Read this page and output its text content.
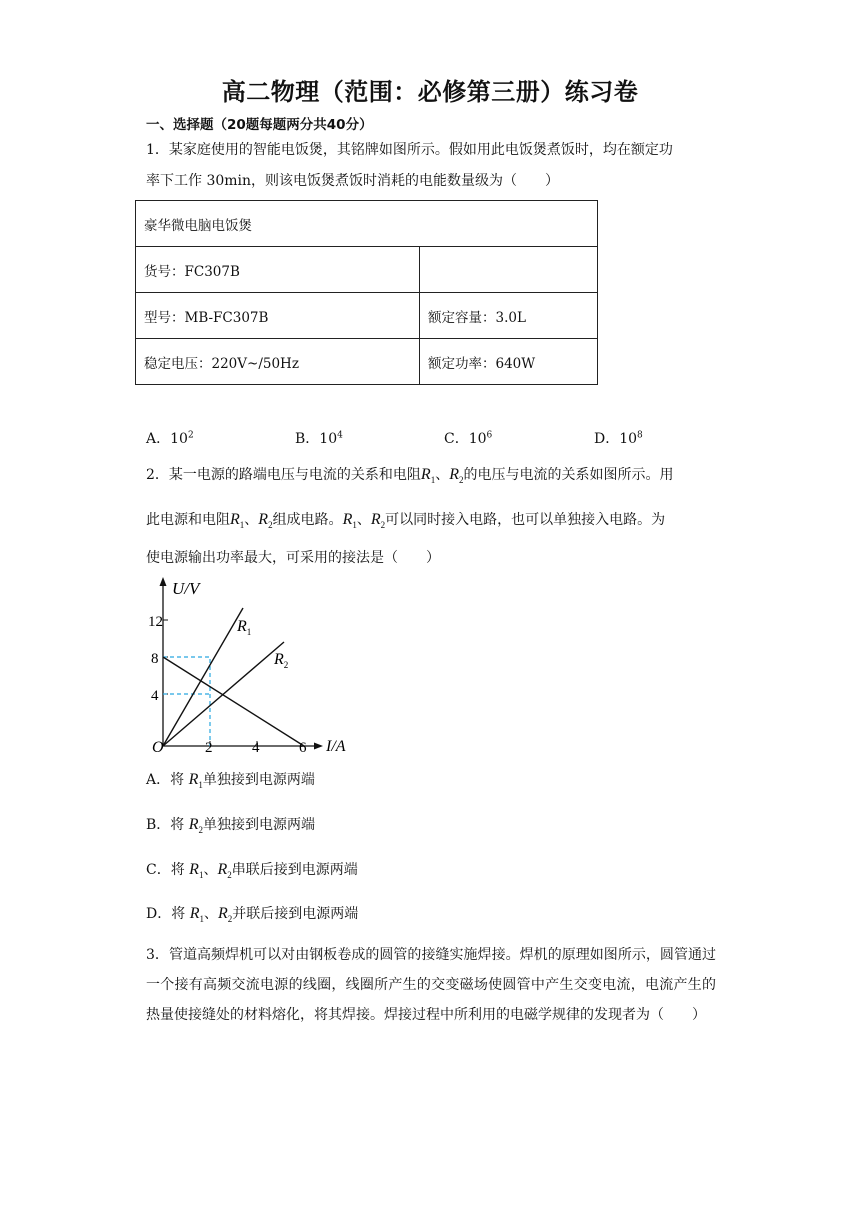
高二物理（范围：必修第三册）练习卷
一、选择题（20题每题两分共40分）
1．某家庭使用的智能电饭煲，其铭牌如图所示。假如用此电饭煲煮饭时，均在额定功
率下工作 30min，则该电饭煲煮饭时消耗的电能数量级为（　　）
豪华微电脑电饭煲	
货号：FC307B	
型号：MB-FC307B	额定容量：3.0L
稳定电压：220V~/50Hz	额定功率：640W
A．$10^2$	B．$10^4$	C．$10^6$	D．$10^8$
2．某一电源的路端电压与电流的关系和电阻$R_1$、$R_2$的电压与电流的关系如图所示。用
此电源和电阻$R_1$、$R_2$组成电路。$R_1$、$R_2$可以同时接入电路，也可以单独接入电路。为
使电源输出功率最大，可采用的接法是（　　）
U/V
I/A
12
8
4
O	2	4	6
$R_1$
$R_2$
A．将 $R_1$单独接到电源两端
B．将 $R_2$单独接到电源两端
C．将 $R_1$、$R_2$串联后接到电源两端
D．将 $R_1$、$R_2$并联后接到电源两端
3．管道高频焊机可以对由钢板卷成的圆管的接缝实施焊接。焊机的原理如图所示，圆管通过一个接有高频交流电源的线圈，线圈所产生的交变磁场使圆管中产生交变电流，电流产生的热量使接缝处的材料熔化，将其焊接。焊接过程中所利用的电磁学规律的发现者为（　　）
